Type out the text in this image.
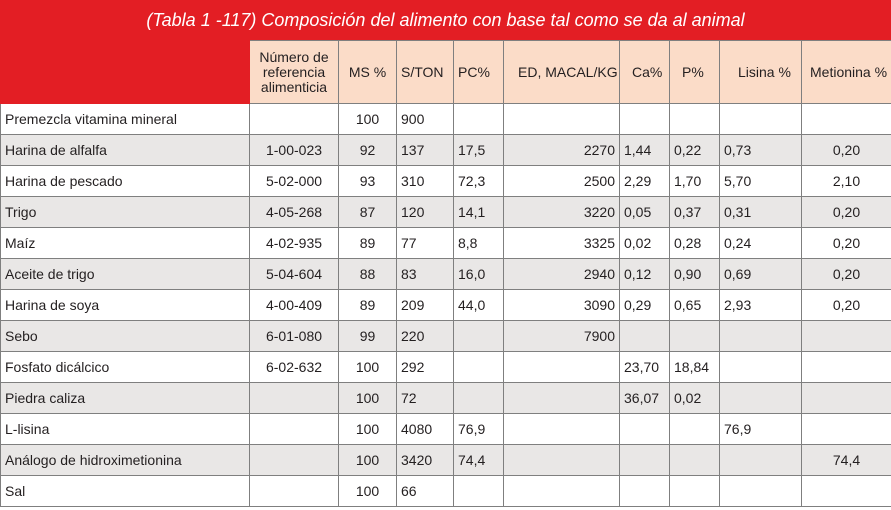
(Tabla 1 -117) Composición del alimento con base tal como se da al animal
	Número de referencia alimenticia	MS %	S/TON	PC%	ED, MACAL/KG	Ca%	P%	Lisina %	Metionina %
Premezcla vitamina mineral		100	900						
Harina de alfalfa	1-00-023	92	137	17,5	2270	1,44	0,22	0,73	0,20
Harina de pescado	5-02-000	93	310	72,3	2500	2,29	1,70	5,70	2,10
Trigo	4-05-268	87	120	14,1	3220	0,05	0,37	0,31	0,20
Maíz	4-02-935	89	77	8,8	3325	0,02	0,28	0,24	0,20
Aceite de trigo	5-04-604	88	83	16,0	2940	0,12	0,90	0,69	0,20
Harina de soya	4-00-409	89	209	44,0	3090	0,29	0,65	2,93	0,20
Sebo	6-01-080	99	220		7900				
Fosfato dicálcico	6-02-632	100	292			23,70	18,84		
Piedra caliza		100	72			36,07	0,02		
L-lisina		100	4080	76,9				76,9	
Análogo de hidroximetionina		100	3420	74,4					74,4
Sal		100	66						
